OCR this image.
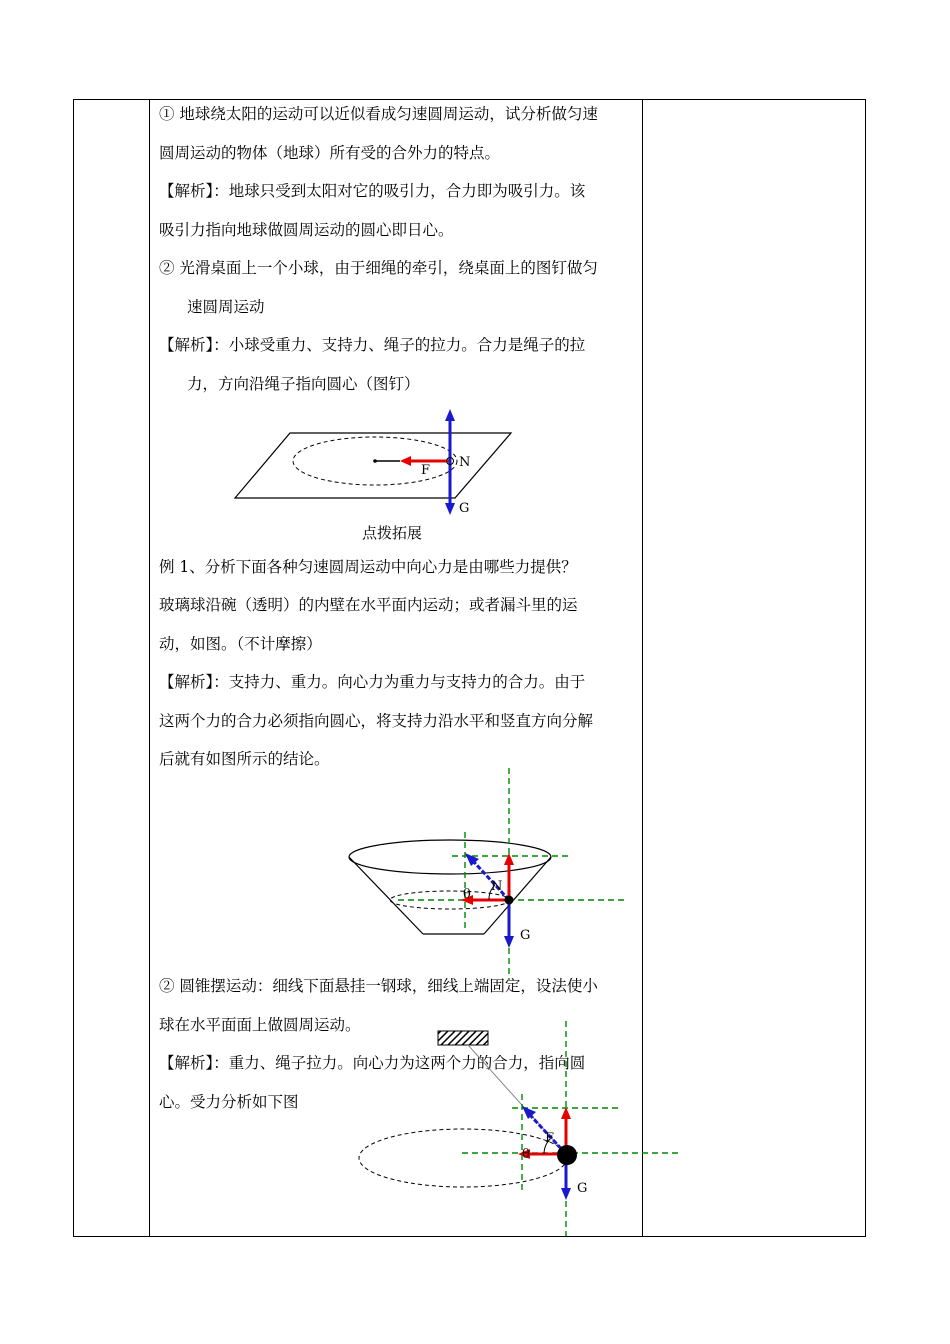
① 地球绕太阳的运动可以近似看成匀速圆周运动，试分析做匀速
圆周运动的物体（地球）所有受的合外力的特点。
【解析】：地球只受到太阳对它的吸引力，合力即为吸引力。该
吸引力指向地球做圆周运动的圆心即日心。
② 光滑桌面上一个小球，由于细绳的牵引，绕桌面上的图钉做匀
速圆周运动
【解析】：小球受重力、支持力、绳子的拉力。合力是绳子的拉
力，方向沿绳子指向圆心（图钉）
N
F
G
点拨拓展
例 1、分析下面各种匀速圆周运动中向心力是由哪些力提供？
玻璃球沿碗（透明）的内壁在水平面内运动；或者漏斗里的运
动，如图。（不计摩擦）
【解析】：支持力、重力。向心力为重力与支持力的合力。由于
这两个力的合力必须指向圆心，将支持力沿水平和竖直方向分解
后就有如图所示的结论。
θ
N
G
② 圆锥摆运动：细线下面悬挂一钢球，细线上端固定，设法使小
球在水平面面上做圆周运动。
【解析】：重力、绳子拉力。向心力为这两个力的合力，指向圆
心。受力分析如下图
θ
F
G
